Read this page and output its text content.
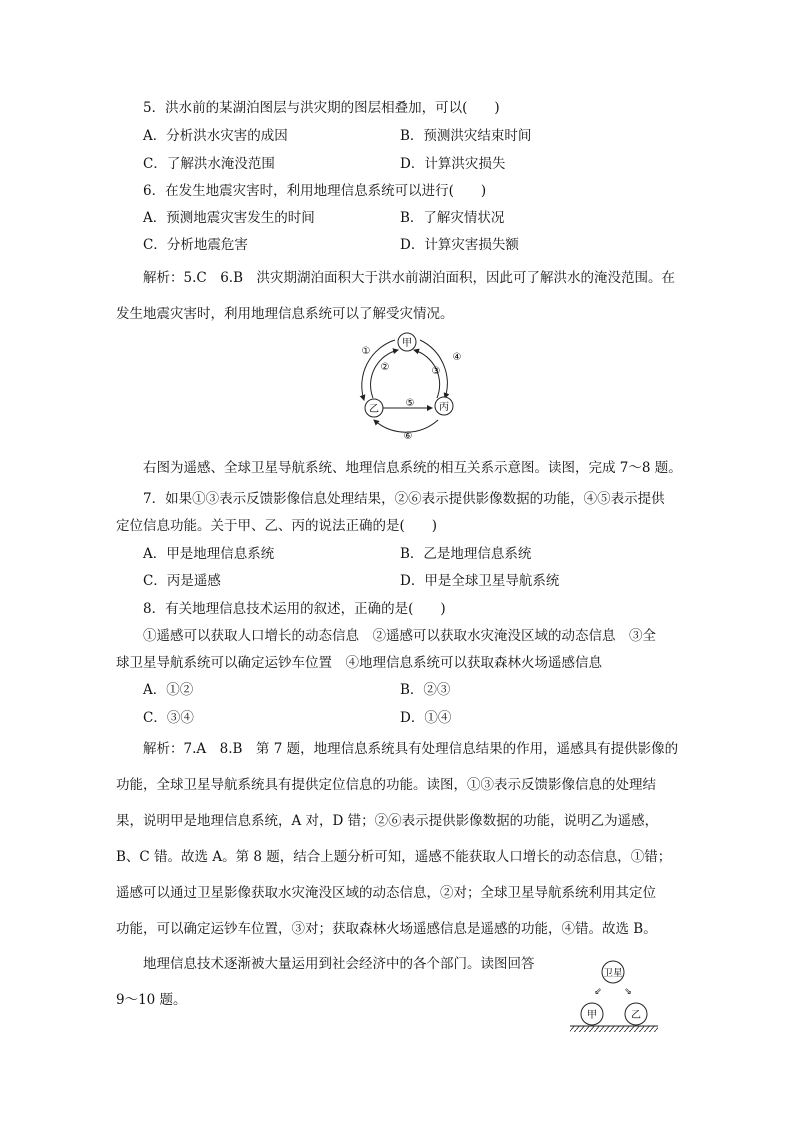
5．洪水前的某湖泊图层与洪灾期的图层相叠加，可以(　　)
A．分析洪水灾害的成因	B．预测洪灾结束时间
C．了解洪水淹没范围	D．计算洪灾损失
6．在发生地震灾害时，利用地理信息系统可以进行(　　)
A．预测地震灾害发生的时间	B．了解灾情状况
C．分析地震危害	D．计算灾害损失额
解析：5.C　6.B　洪灾期湖泊面积大于洪水前湖泊面积，因此可了解洪水的淹没范围。在
发生地震灾害时，利用地理信息系统可以了解受灾情况。
甲
乙	丙
①
②	③
④
⑤
⑥
右图为遥感、全球卫星导航系统、地理信息系统的相互关系示意图。读图，完成 7～8 题。
7．如果①③表示反馈影像信息处理结果，②⑥表示提供影像数据的功能，④⑤表示提供
定位信息功能。关于甲、乙、丙的说法正确的是(　　)
A．甲是地理信息系统	B．乙是地理信息系统
C．丙是遥感	D．甲是全球卫星导航系统
8．有关地理信息技术运用的叙述，正确的是(　　)
①遥感可以获取人口增长的动态信息　②遥感可以获取水灾淹没区域的动态信息　③全
球卫星导航系统可以确定运钞车位置　④地理信息系统可以获取森林火场遥感信息
A．①②	B．②③
C．③④	D．①④
解析：7.A　8.B　第 7 题，地理信息系统具有处理信息结果的作用，遥感具有提供影像的
功能，全球卫星导航系统具有提供定位信息的功能。读图，①③表示反馈影像信息的处理结
果，说明甲是地理信息系统，A 对，D 错；②⑥表示提供影像数据的功能，说明乙为遥感，
B、C 错。故选 A。第 8 题，结合上题分析可知，遥感不能获取人口增长的动态信息，①错；
遥感可以通过卫星影像获取水灾淹没区域的动态信息，②对；全球卫星导航系统利用其定位
功能，可以确定运钞车位置，③对；获取森林火场遥感信息是遥感的功能，④错。故选 B。
地理信息技术逐渐被大量运用到社会经济中的各个部门。读图回答
9～10 题。
卫星
⇙ ⇘
甲	乙
